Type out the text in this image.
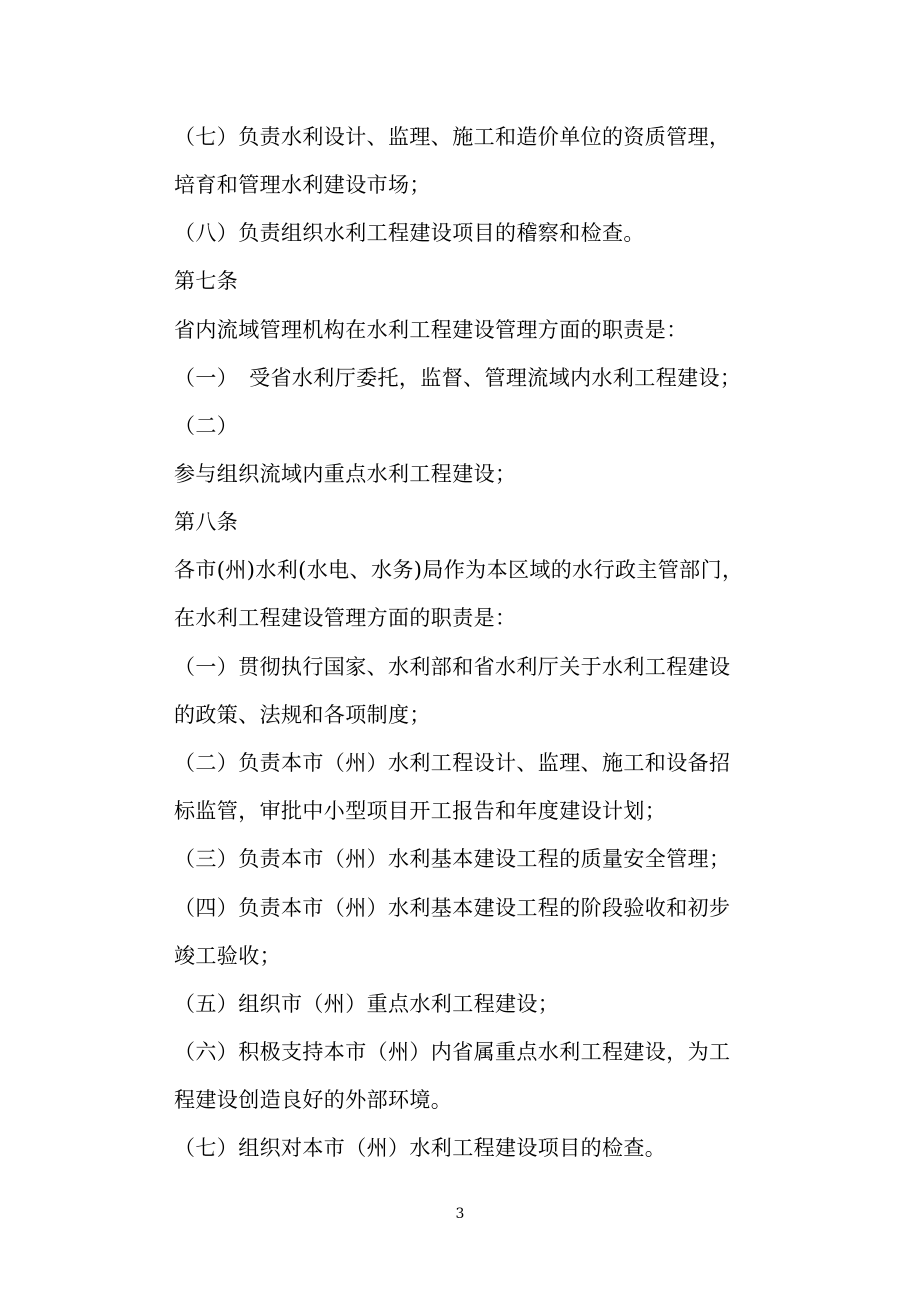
（七）负责水利设计、监理、施工和造价单位的资质管理，
培育和管理水利建设市场；
（八）负责组织水利工程建设项目的稽察和检查。
第七条
省内流域管理机构在水利工程建设管理方面的职责是：
（一）　受省水利厅委托，监督、管理流域内水利工程建设；
（二）
参与组织流域内重点水利工程建设；
第八条
各市(州)水利(水电、水务)局作为本区域的水行政主管部门，
在水利工程建设管理方面的职责是：
（一）贯彻执行国家、水利部和省水利厅关于水利工程建设
的政策、法规和各项制度；
（二）负责本市（州）水利工程设计、监理、施工和设备招
标监管，审批中小型项目开工报告和年度建设计划；
（三）负责本市（州）水利基本建设工程的质量安全管理；
（四）负责本市（州）水利基本建设工程的阶段验收和初步
竣工验收；
（五）组织市（州）重点水利工程建设；
（六）积极支持本市（州）内省属重点水利工程建设，为工
程建设创造良好的外部环境。
（七）组织对本市（州）水利工程建设项目的检查。
3
